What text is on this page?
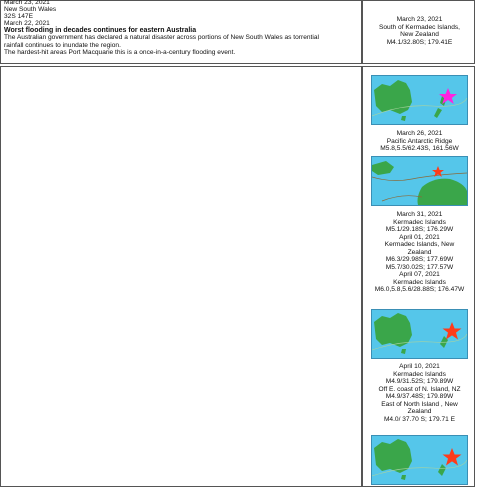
March 23, 2021
New South Wales
32S 147E
March 22, 2021
Worst flooding in decades continues for eastern Australia
The Australian government has declared a natural disaster across portions of New South Wales as torrential
rainfall continues to inundate the region.
The hardest-hit areas Port Macquarie this is a once-in-a-century flooding event.
March 23, 2021
South of Kermadec Islands,
New Zealand
M4.1/32.80S; 179.41E
March 26, 2021
Pacific Antarctic Ridge
M5.8,5.5/62.43S, 161.56W
March 31, 2021
Kermadec Islands
M5.1/29.18S; 176.29W
April 01, 2021
Kermadec Islands, New
Zealand
M6.3/29.98S; 177.69W
M5.7/30.02S; 177.57W
April 07, 2021
Kermadec Islands
M6.0,5.8,5.6/28.88S; 176.47W
April 10, 2021
Kermadec Islands
M4.9/31.52S; 179.89W
Off E. coast of N. Island, NZ
M4.9/37.48S; 179.89W
East of North Island , New
Zealand
M4.0/ 37.70 S; 179.71 E
